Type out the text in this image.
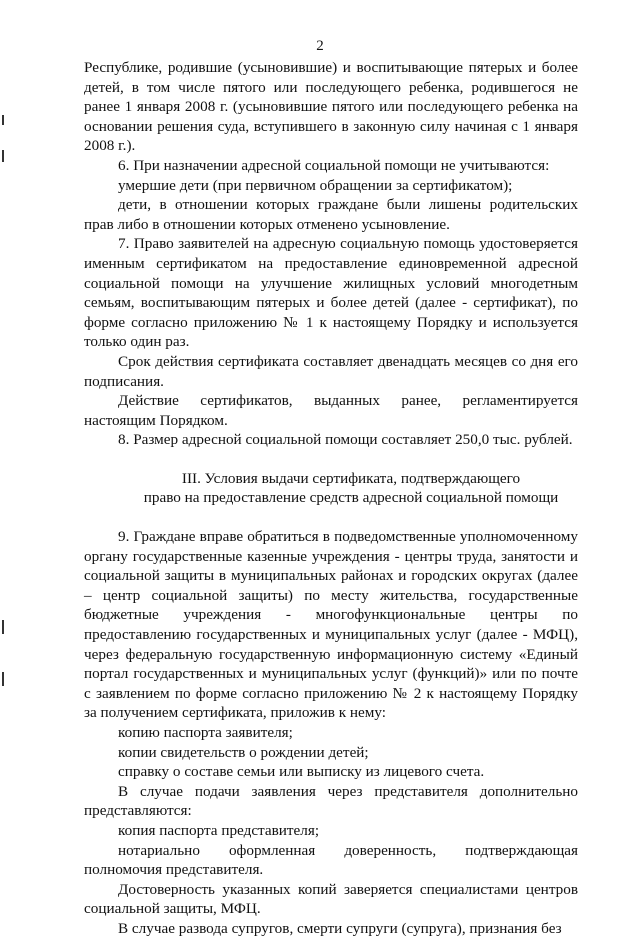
2

Республике, родившие (усыновившие) и воспитывающие пятерых и более детей, в том числе пятого или последующего ребенка, родившегося не ранее 1 января 2008 г. (усыновившие пятого или последующего ребенка на основании решения суда, вступившего в законную силу начиная с 1 января 2008 г.).

6. При назначении адресной социальной помощи не учитываются:

умершие дети (при первичном обращении за сертификатом);

дети, в отношении которых граждане были лишены родительских прав либо в отношении которых отменено усыновление.

7. Право заявителей на адресную социальную помощь удостоверяется именным сертификатом на предоставление единовременной адресной социальной помощи на улучшение жилищных условий многодетным семьям, воспитывающим пятерых и более детей (далее - сертификат), по форме согласно приложению № 1 к настоящему Порядку и используется только один раз.

Срок действия сертификата составляет двенадцать месяцев со дня его подписания.

Действие сертификатов, выданных ранее, регламентируется настоящим Порядком.

8. Размер адресной социальной помощи составляет 250,0 тыс. рублей.

III. Условия выдачи сертификата, подтверждающего

право на предоставление средств адресной социальной помощи

9. Граждане вправе обратиться в подведомственные уполномоченному органу государственные казенные учреждения - центры труда, занятости и социальной защиты в муниципальных районах и городских округах (далее – центр социальной защиты) по месту жительства, государственные бюджетные учреждения - многофункциональные центры по предоставлению государственных и муниципальных услуг (далее - МФЦ), через федеральную государственную информационную систему «Единый портал государственных и муниципальных услуг (функций)» или по почте с заявлением по форме согласно приложению № 2 к настоящему Порядку за получением сертификата, приложив к нему:

копию паспорта заявителя;

копии свидетельств о рождении детей;

справку о составе семьи или выписку из лицевого счета.

В случае подачи заявления через представителя дополнительно представляются:

копия паспорта представителя;

нотариально оформленная доверенность, подтверждающая полномочия представителя.

Достоверность указанных копий заверяется специалистами центров социальной защиты, МФЦ.

В случае развода супругов, смерти супруги (супруга), признания без
